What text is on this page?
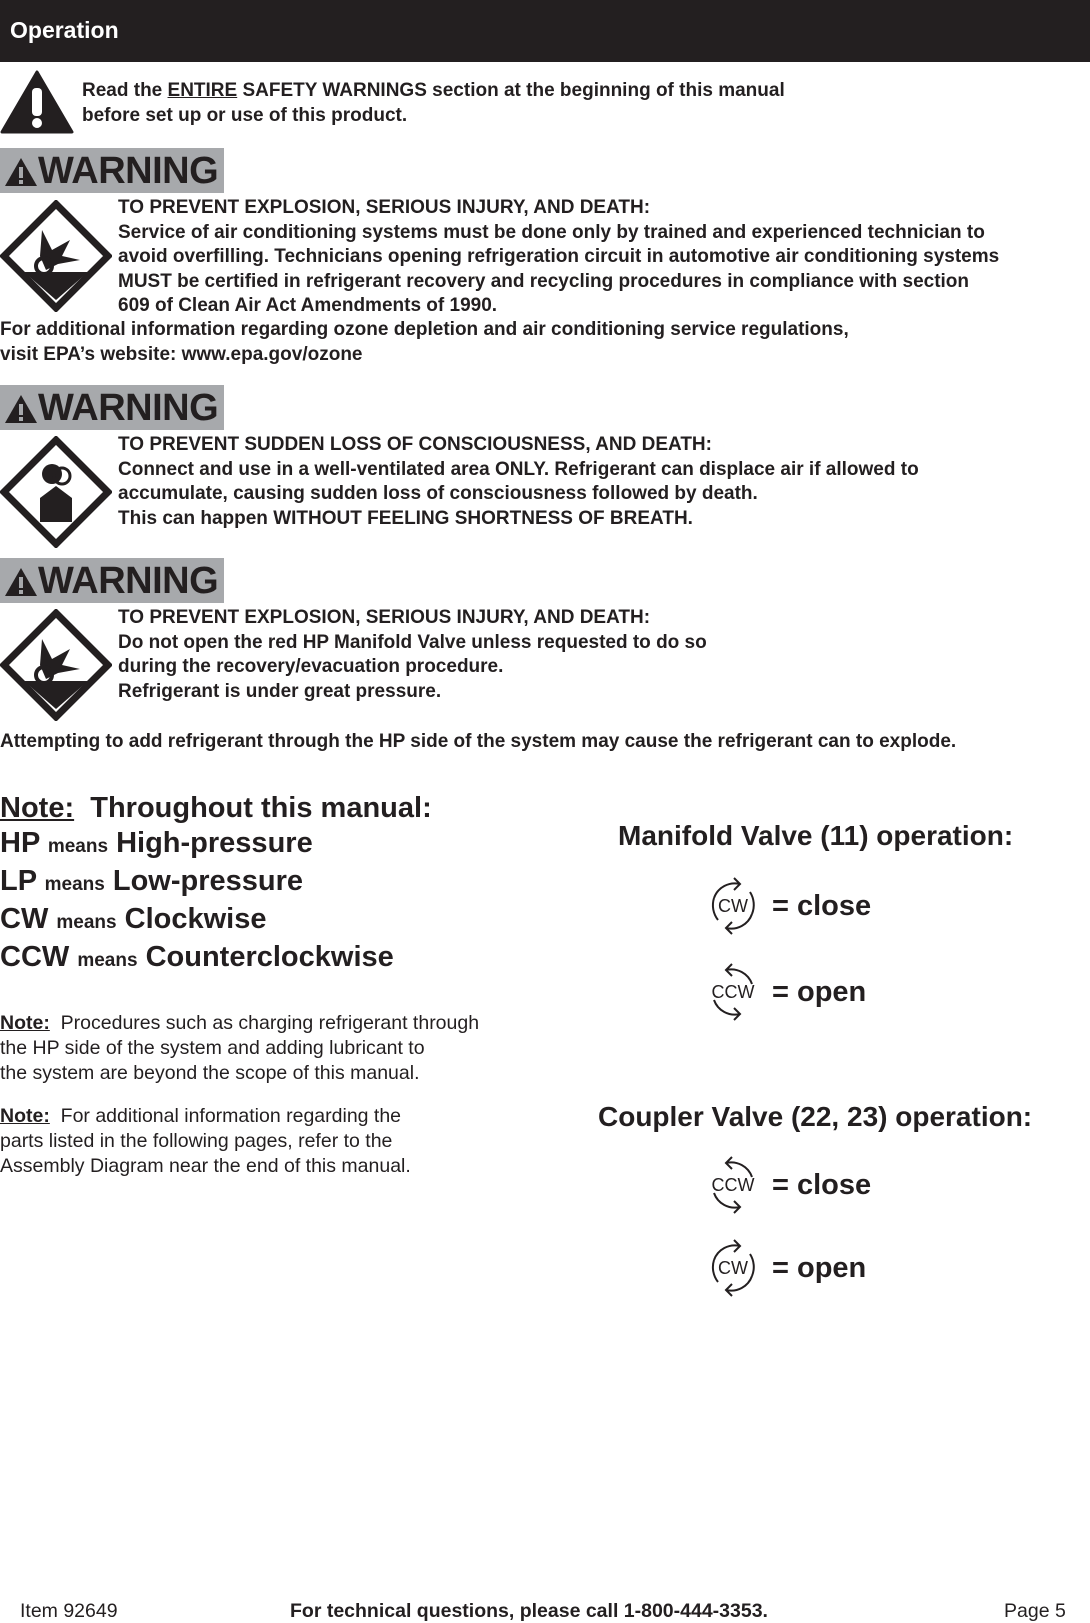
Operation
Read the ENTIRE SAFETY WARNINGS section at the beginning of this manual
before set up or use of this product.
WARNING
TO PREVENT EXPLOSION, SERIOUS INJURY, AND DEATH:
Service of air conditioning systems must be done only by trained and experienced technician to
avoid overfilling. Technicians opening refrigeration circuit in automotive air conditioning systems
MUST be certified in refrigerant recovery and recycling procedures in compliance with section
609 of Clean Air Act Amendments of 1990.
For additional information regarding ozone depletion and air conditioning service regulations,
visit EPA’s website: www.epa.gov/ozone
WARNING
TO PREVENT SUDDEN LOSS OF CONSCIOUSNESS, AND DEATH:
Connect and use in a well-ventilated area ONLY. Refrigerant can displace air if allowed to
accumulate, causing sudden loss of consciousness followed by death.
This can happen WITHOUT FEELING SHORTNESS OF BREATH.
WARNING
TO PREVENT EXPLOSION, SERIOUS INJURY, AND DEATH:
Do not open the red HP Manifold Valve unless requested to do so
during the recovery/evacuation procedure.
Refrigerant is under great pressure.
Attempting to add refrigerant through the HP side of the system may cause the refrigerant can to explode.
Note:  Throughout this manual:
HP means High-pressure
LP means Low-pressure
CW means Clockwise
CCW means Counterclockwise
Note:  Procedures such as charging refrigerant through
the HP side of the system and adding lubricant to
the system are beyond the scope of this manual.
Note:  For additional information regarding the
parts listed in the following pages, refer to the
Assembly Diagram near the end of this manual.
Manifold Valve (11) operation:
CW = close
CCW = open
Coupler Valve (22, 23) operation:
CCW = close
CW = open
Item 92649	For technical questions, please call 1-800-444-3353.	Page 5
